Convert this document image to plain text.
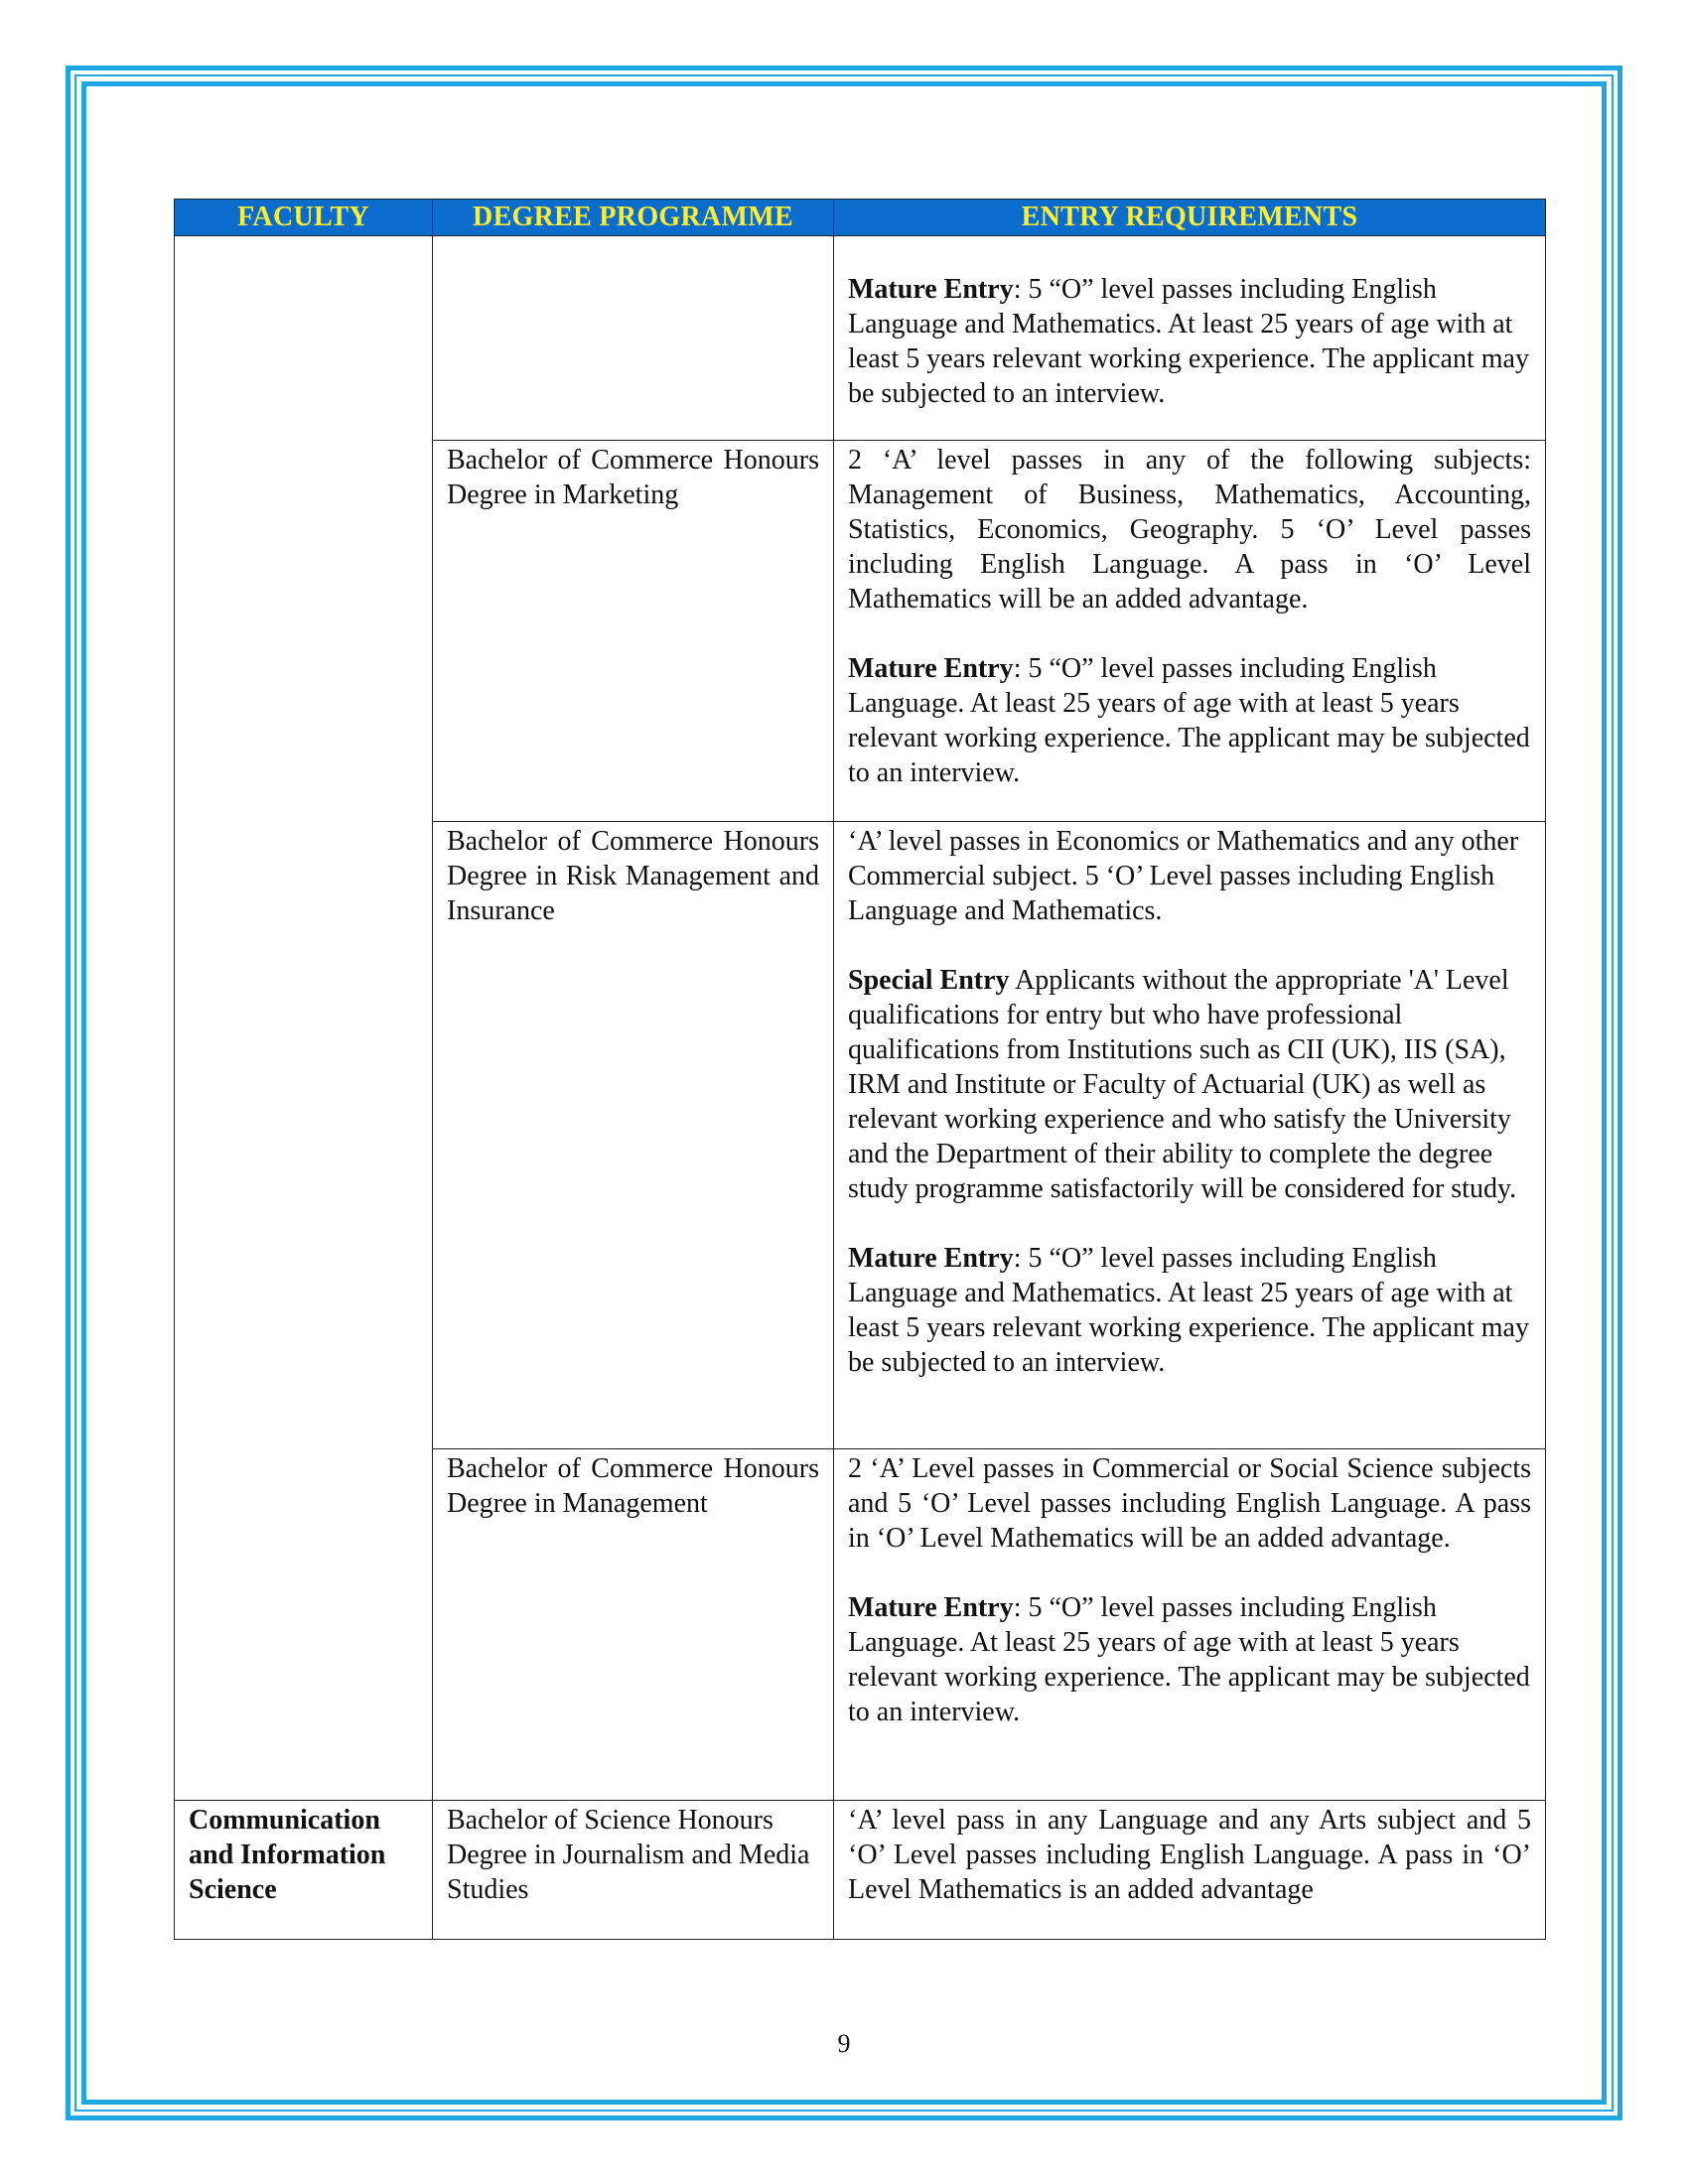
FACULTY	DEGREE PROGRAMME	ENTRY REQUIREMENTS

		Mature Entry: 5 “O” level passes including English Language and Mathematics. At least 25 years of age with at least 5 years relevant working experience. The applicant may be subjected to an interview.

	Bachelor of Commerce Honours Degree in Marketing	2 ‘A’ level passes in any of the following subjects: Management of Business, Mathematics, Accounting, Statistics, Economics, Geography. 5 ‘O’ Level passes including English Language. A pass in ‘O’ Level Mathematics will be an added advantage.

Mature Entry: 5 “O” level passes including English Language. At least 25 years of age with at least 5 years relevant working experience. The applicant may be subjected to an interview.

	Bachelor of Commerce Honours Degree in Risk Management and Insurance	‘A’ level passes in Economics or Mathematics and any other Commercial subject. 5 ‘O’ Level passes including English Language and Mathematics.

Special Entry Applicants without the appropriate 'A' Level qualifications for entry but who have professional qualifications from Institutions such as CII (UK), IIS (SA), IRM and Institute or Faculty of Actuarial (UK) as well as relevant working experience and who satisfy the University and the Department of their ability to complete the degree study programme satisfactorily will be considered for study.

Mature Entry: 5 “O” level passes including English Language and Mathematics. At least 25 years of age with at least 5 years relevant working experience. The applicant may be subjected to an interview.

	Bachelor of Commerce Honours Degree in Management	2 ‘A’ Level passes in Commercial or Social Science subjects and 5 ‘O’ Level passes including English Language. A pass in ‘O’ Level Mathematics will be an added advantage.

Mature Entry: 5 “O” level passes including English Language. At least 25 years of age with at least 5 years relevant working experience. The applicant may be subjected to an interview.

Communication and Information Science	Bachelor of Science Honours Degree in Journalism and Media Studies	‘A’ level pass in any Language and any Arts subject and 5 ‘O’ Level passes including English Language. A pass in ‘O’ Level Mathematics is an added advantage

9
